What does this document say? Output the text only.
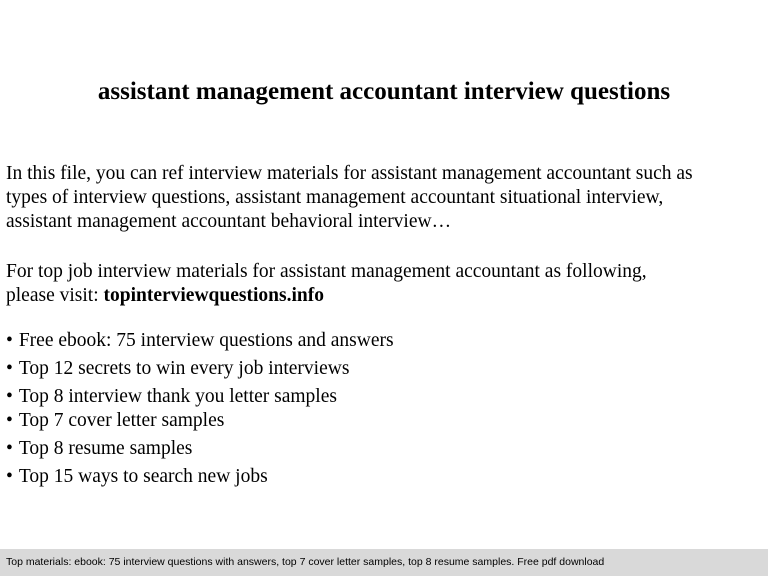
assistant management accountant interview questions
In this file, you can ref interview materials for assistant management accountant such as
types of interview questions, assistant management accountant situational interview,
assistant management accountant behavioral interview…
For top job interview materials for assistant management accountant as following,
please visit: topinterviewquestions.info
• Free ebook: 75 interview questions and answers
• Top 12 secrets to win every job interviews
• Top 8 interview thank you letter samples
• Top 7 cover letter samples
• Top 8 resume samples
• Top 15 ways to search new jobs
Top materials: ebook: 75 interview questions with answers, top 7 cover letter samples, top 8 resume samples. Free pdf download
